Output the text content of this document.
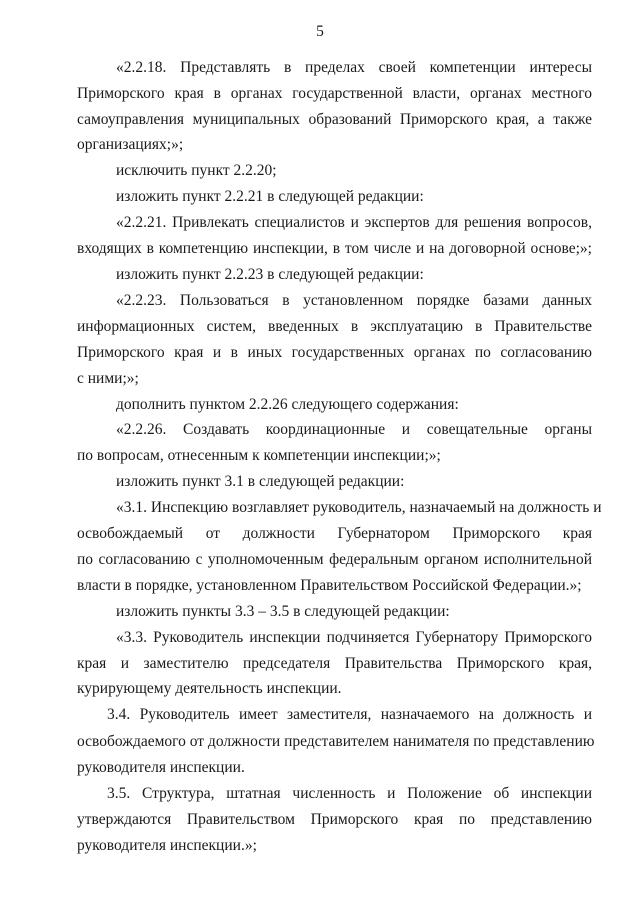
5
«2.2.18. Представлять в пределах своей компетенции интересы
Приморского края в органах государственной власти, органах местного
самоуправления муниципальных образований Приморского края, а также
организациях;»;
исключить пункт 2.2.20;
изложить пункт 2.2.21 в следующей редакции:
«2.2.21. Привлекать специалистов и экспертов для решения вопросов,
входящих в компетенцию инспекции, в том числе и на договорной основе;»;
изложить пункт 2.2.23 в следующей редакции:
«2.2.23. Пользоваться в установленном порядке базами данных
информационных систем, введенных в эксплуатацию в Правительстве
Приморского края и в иных государственных органах по согласованию
с ними;»;
дополнить пунктом 2.2.26 следующего содержания:
«2.2.26. Создавать координационные и совещательные органы
по вопросам, отнесенным к компетенции инспекции;»;
изложить пункт 3.1 в следующей редакции:
«3.1. Инспекцию возглавляет руководитель, назначаемый на должность и
освобождаемый от должности Губернатором Приморского края
по согласованию с уполномоченным федеральным органом исполнительной
власти в порядке, установленном Правительством Российской Федерации.»;
изложить пункты 3.3 – 3.5 в следующей редакции:
«3.3. Руководитель инспекции подчиняется Губернатору Приморского
края и заместителю председателя Правительства Приморского края,
курирующему деятельность инспекции.
3.4. Руководитель имеет заместителя, назначаемого на должность и
освобождаемого от должности представителем нанимателя по представлению
руководителя инспекции.
3.5. Структура, штатная численность и Положение об инспекции
утверждаются Правительством Приморского края по представлению
руководителя инспекции.»;
